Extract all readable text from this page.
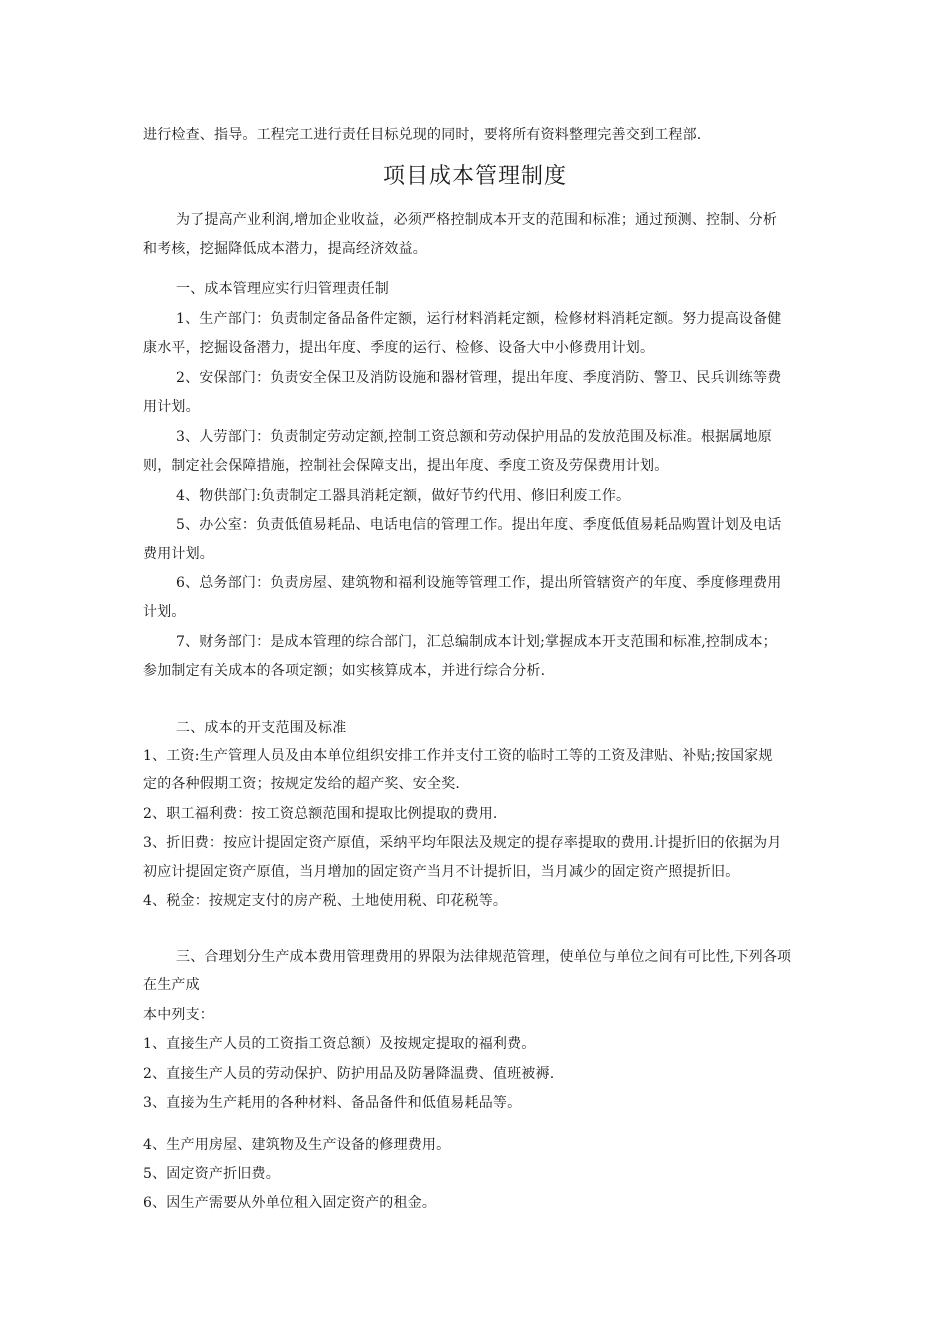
进行检查、指导。工程完工进行责任目标兑现的同时，要将所有资料整理完善交到工程部.
项目成本管理制度
为了提高产业利润,增加企业收益，必须严格控制成本开支的范围和标准；通过预测、控制、分析
和考核，挖掘降低成本潜力，提高经济效益。
一、成本管理应实行归管理责任制
1、生产部门：负责制定备品备件定额，运行材料消耗定额，检修材料消耗定额。努力提高设备健
康水平，挖掘设备潜力，提出年度、季度的运行、检修、设备大中小修费用计划。
2、安保部门：负责安全保卫及消防设施和器材管理，提出年度、季度消防、警卫、民兵训练等费
用计划。
3、人劳部门：负责制定劳动定额,控制工资总额和劳动保护用品的发放范围及标准。根据属地原
则，制定社会保障措施，控制社会保障支出，提出年度、季度工资及劳保费用计划。
4、物供部门:负责制定工器具消耗定额，做好节约代用、修旧利废工作。
5、办公室：负责低值易耗品、电话电信的管理工作。提出年度、季度低值易耗品购置计划及电话
费用计划。
6、总务部门：负责房屋、建筑物和福利设施等管理工作，提出所管辖资产的年度、季度修理费用
计划。
7、财务部门：是成本管理的综合部门，汇总编制成本计划;掌握成本开支范围和标准,控制成本；
参加制定有关成本的各项定额；如实核算成本，并进行综合分析.
二、成本的开支范围及标准
1、工资:生产管理人员及由本单位组织安排工作并支付工资的临时工等的工资及津贴、补贴;按国家规
定的各种假期工资；按规定发给的超产奖、安全奖.
2、职工福利费：按工资总额范围和提取比例提取的费用.
3、折旧费：按应计提固定资产原值，采纳平均年限法及规定的提存率提取的费用.计提折旧的依据为月
初应计提固定资产原值，当月增加的固定资产当月不计提折旧，当月减少的固定资产照提折旧。
4、税金：按规定支付的房产税、土地使用税、印花税等。
三、合理划分生产成本费用管理费用的界限为法律规范管理，使单位与单位之间有可比性,下列各项
在生产成
本中列支：
1、直接生产人员的工资指工资总额）及按规定提取的福利费。
2、直接生产人员的劳动保护、防护用品及防暑降温费、值班被褥.
3、直接为生产耗用的各种材料、备品备件和低值易耗品等。
4、生产用房屋、建筑物及生产设备的修理费用。
5、固定资产折旧费。
6、因生产需要从外单位租入固定资产的租金。
